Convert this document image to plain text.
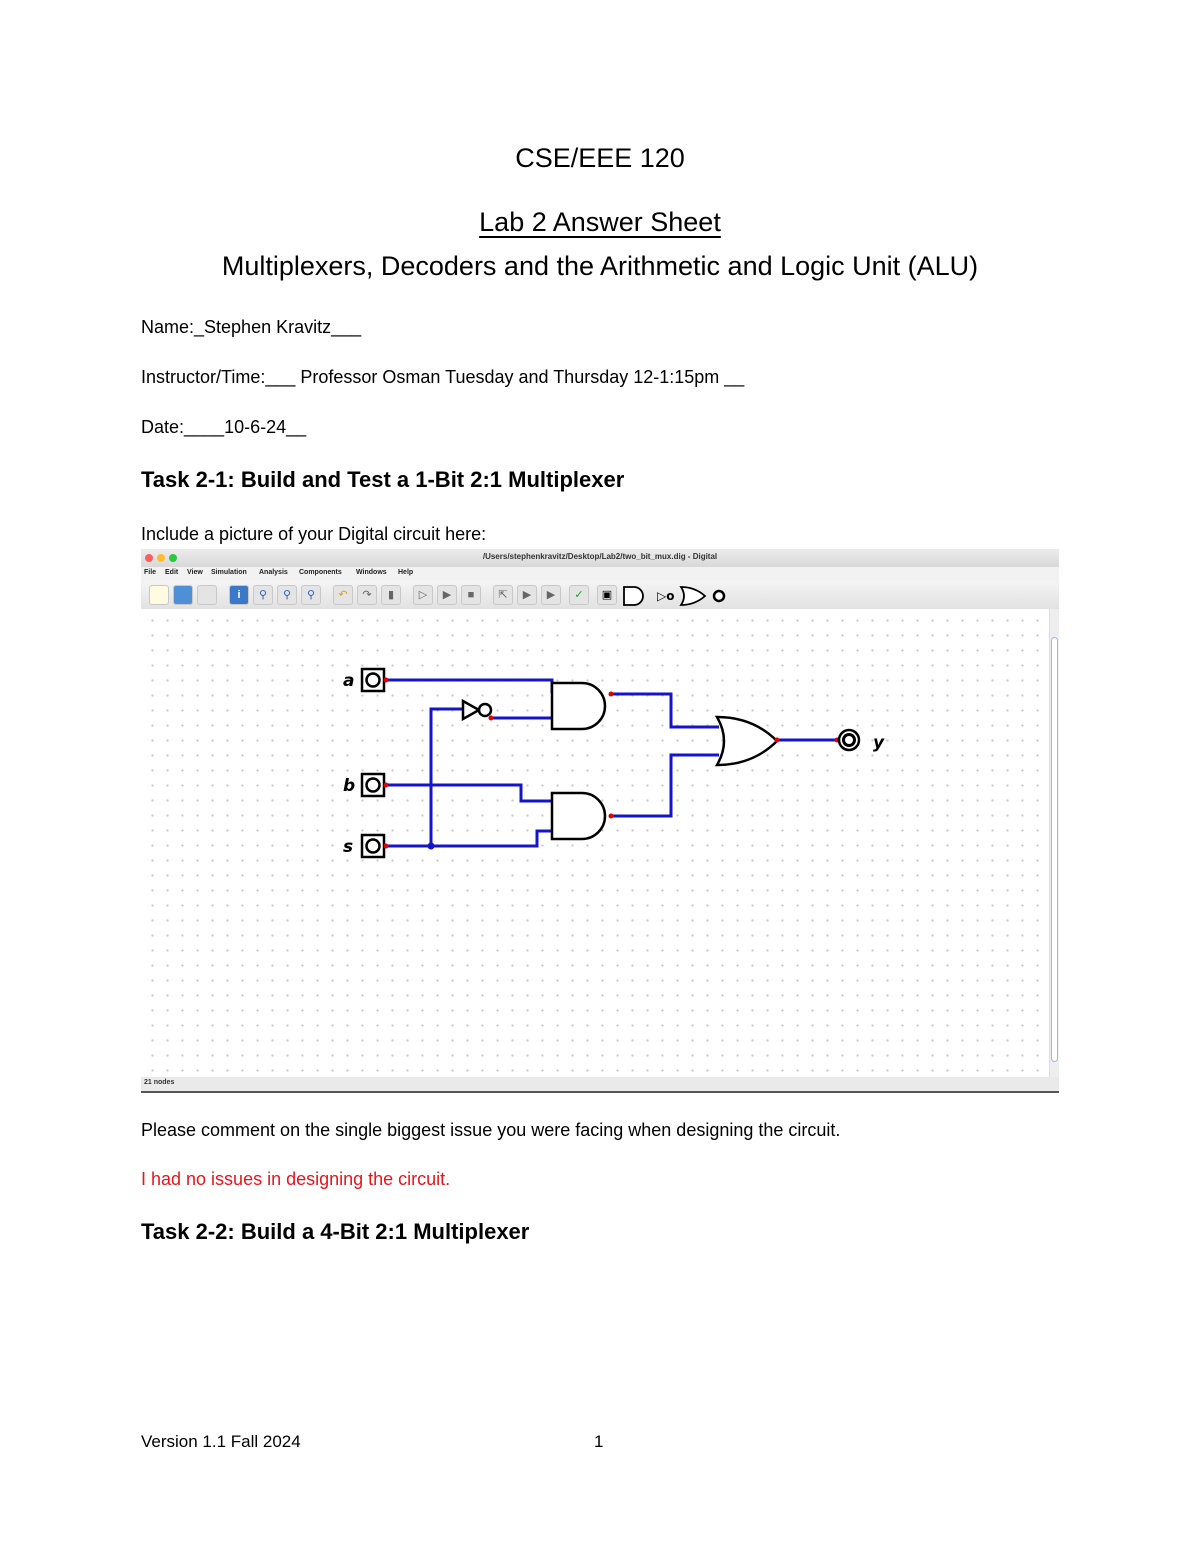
CSE/EEE 120
Lab 2 Answer Sheet
Multiplexers, Decoders and the Arithmetic and Logic Unit (ALU)
Name:_Stephen Kravitz___
Instructor/Time:___ Professor Osman Tuesday and Thursday 12-1:15pm __
Date:____10-6-24__
Task 2-1: Build and Test a 1-Bit 2:1 Multiplexer
Include a picture of your Digital circuit here:
/Users/stephenkravitz/Desktop/Lab2/two_bit_mux.dig - Digital
File Edit View Simulation Analysis Components Windows Help
i	⚲	⚲	⚲	↶	↷	▮	▷	▶	■	⇱	▶	▶	✓	▣	▷o
a
b
s
y
21 nodes
Please comment on the single biggest issue you were facing when designing the circuit.
I had no issues in designing the circuit.
Task 2-2: Build a 4-Bit 2:1 Multiplexer
Version 1.1 Fall 2024	1
